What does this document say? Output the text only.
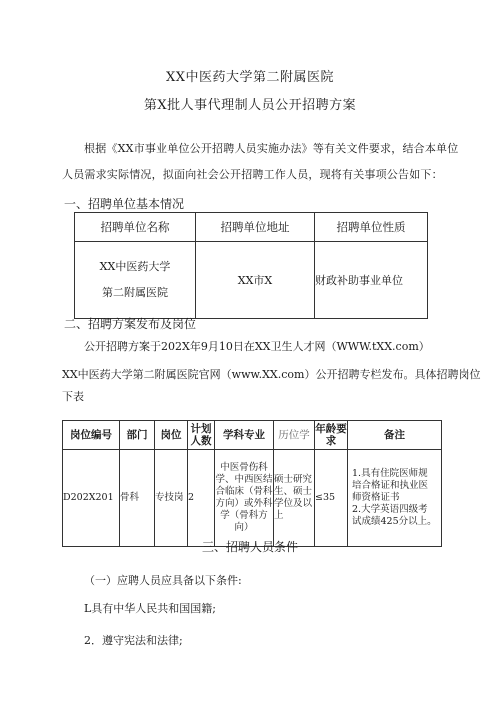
XX中医药大学第二附属医院
第X批人事代理制人员公开招聘方案
根据《XX市事业单位公开招聘人员实施办法》等有关文件要求，结合本单位
人员需求实际情况，拟面向社会公开招聘工作人员，现将有关事项公告如下：
一、招聘单位基本情况
招聘单位名称	招聘单位地址	招聘单位性质

XX中医药大学
第二附属医院	XX市X	财政补助事业单位
二、招聘方案发布及岗位
公开招聘方案于202X年9月10日在XX卫生人才网（WWW.tXX.com）
XX中医药大学第二附属医院官网（www.XX.com）公开招聘专栏发布。具体招聘岗位下表
岗位编号	部门	岗位	计划人数	学科专业	历位学	年龄要求	备注
D202X201	骨科	专技岗	2	中医骨伤科学、中西医结合临床（骨科方向）或外科学（骨科方向）	硕士研究生、硕士学位及以上	≤35	1.具有住院医师规培合格证和执业医师资格证书
2.大学英语四级考试成绩425分以上。
三、招聘人员条件
（一）应聘人员应具备以下条件:
L具有中华人民共和国国籍;
2．遵守宪法和法律;
